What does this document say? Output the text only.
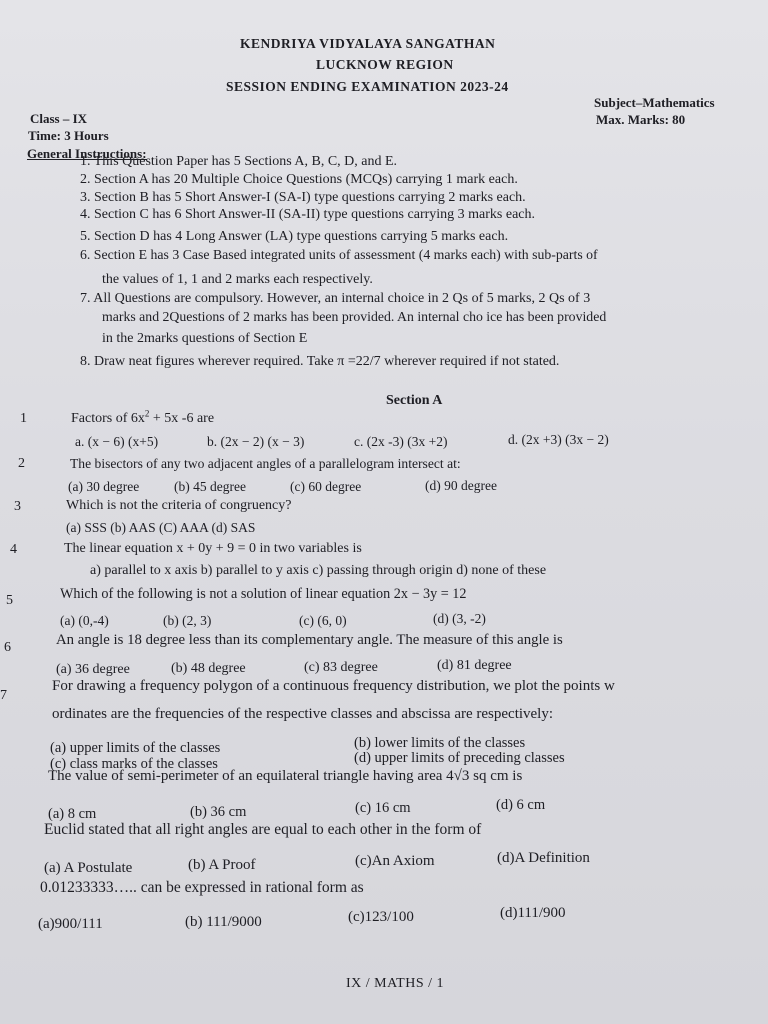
KENDRIYA VIDYALAYA SANGATHAN
LUCKNOW REGION
SESSION ENDING EXAMINATION 2023-24
Subject–Mathematics
Class – IX	Max. Marks: 80
Time: 3 Hours
General Instructions:
1. This Question Paper has 5 Sections A, B, C, D, and E.
2. Section A has 20 Multiple Choice Questions (MCQs) carrying 1 mark each.
3. Section B has 5 Short Answer-I (SA-I) type questions carrying 2 marks each.
4. Section C has 6 Short Answer-II (SA-II) type questions carrying 3 marks each.
5. Section D has 4 Long Answer (LA) type questions carrying 5 marks each.
6. Section E has 3 Case Based integrated units of assessment (4 marks each) with sub-parts of
the values of 1, 1 and 2 marks each respectively.
7. All Questions are compulsory. However, an internal choice in 2 Qs of 5 marks, 2 Qs of 3
marks and 2Questions of 2 marks has been provided. An internal cho ice has been provided
in the 2marks questions of Section E
8. Draw neat figures wherever required. Take π =22/7 wherever required if not stated.
Section A
1	Factors of $6x^2 + 5x$ -6 are
a. (x − 6) (x+5)	b. (2x − 2) (x − 3)	c. (2x -3) (3x +2)	d. (2x +3) (3x − 2)
2	The bisectors of any two adjacent angles of a parallelogram intersect at:
(a) 30 degree	(b) 45 degree	(c) 60 degree	(d) 90 degree
3	Which is not the criteria of congruency?
(a) SSS (b) AAS (C) AAA (d) SAS
4	The linear equation x + 0y + 9 = 0 in two variables is
a) parallel to x axis b) parallel to y axis c) passing through origin d) none of these
5	Which of the following is not a solution of linear equation 2x − 3y = 12
(a) (0,-4)	(b) (2, 3)	(c) (6, 0)	(d) (3, -2)
6	An angle is 18 degree less than its complementary angle. The measure of this angle is
(a) 36 degree	(b) 48 degree	(c) 83 degree	(d) 81 degree
7
For drawing a frequency polygon of a continuous frequency distribution, we plot the points w
ordinates are the frequencies of the respective classes and abscissa are respectively:
(a) upper limits of the classes	(b) lower limits of the classes
(c) class marks of the classes	(d) upper limits of preceding classes
The value of semi-perimeter of an equilateral triangle having area 4√3 sq cm is
(a) 8 cm	(b) 36 cm	(c) 16 cm	(d) 6 cm
Euclid stated that all right angles are equal to each other in the form of
(a) A Postulate	(b) A Proof	(c)An Axiom	(d)A Definition
0.01233333….. can be expressed in rational form as
(a)900/111	(b) 111/9000	(c)123/100	(d)111/900
IX / MATHS / 1
